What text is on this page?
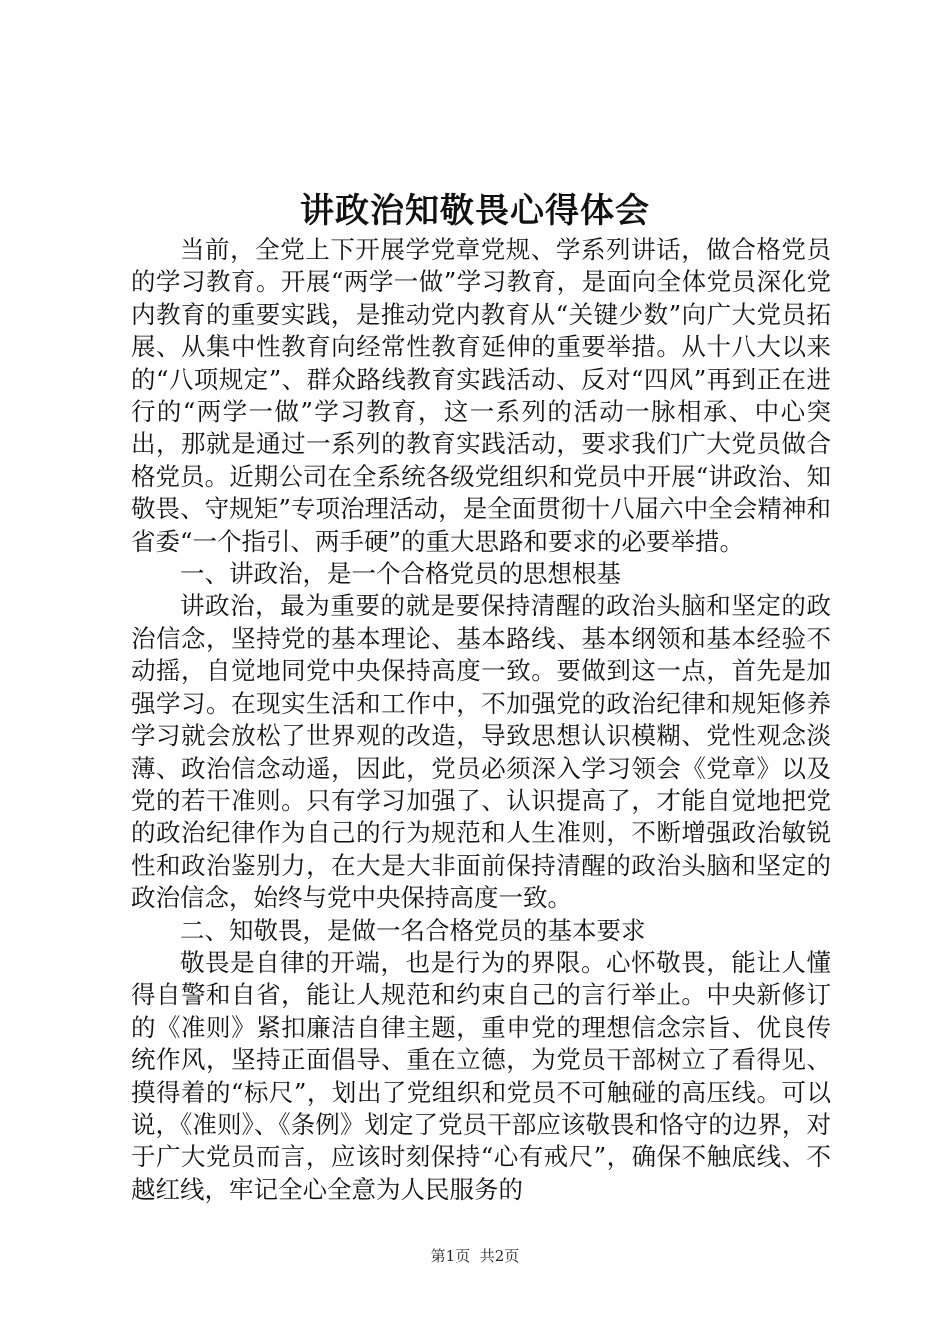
讲政治知敬畏心得体会

当前，全党上下开展学党章党规、学系列讲话，做合格党员的学习教育。开展“两学一做”学习教育，是面向全体党员深化党内教育的重要实践，是推动党内教育从“关键少数”向广大党员拓展、从集中性教育向经常性教育延伸的重要举措。从十八大以来的“八项规定”、群众路线教育实践活动、反对“四风”再到正在进行的“两学一做”学习教育，这一系列的活动一脉相承、中心突出，那就是通过一系列的教育实践活动，要求我们广大党员做合格党员。近期公司在全系统各级党组织和党员中开展“讲政治、知敬畏、守规矩”专项治理活动，是全面贯彻十八届六中全会精神和省委“一个指引、两手硬”的重大思路和要求的必要举措。

一、讲政治，是一个合格党员的思想根基

讲政治，最为重要的就是要保持清醒的政治头脑和坚定的政治信念，坚持党的基本理论、基本路线、基本纲领和基本经验不动摇，自觉地同党中央保持高度一致。要做到这一点，首先是加强学习。在现实生活和工作中，不加强党的政治纪律和规矩修养学习就会放松了世界观的改造，导致思想认识模糊、党性观念淡薄、政治信念动遥，因此，党员必须深入学习领会《党章》以及党的若干准则。只有学习加强了、认识提高了，才能自觉地把党的政治纪律作为自己的行为规范和人生准则，不断增强政治敏锐性和政治鉴别力，在大是大非面前保持清醒的政治头脑和坚定的政治信念，始终与党中央保持高度一致。

二、知敬畏，是做一名合格党员的基本要求

敬畏是自律的开端，也是行为的界限。心怀敬畏，能让人懂得自警和自省，能让人规范和约束自己的言行举止。中央新修订的《准则》紧扣廉洁自律主题，重申党的理想信念宗旨、优良传统作风，坚持正面倡导、重在立德，为党员干部树立了看得见、摸得着的“标尺”，划出了党组织和党员不可触碰的高压线。可以说，《准则》、《条例》划定了党员干部应该敬畏和恪守的边界，对于广大党员而言，应该时刻保持“心有戒尺”，确保不触底线、不越红线，牢记全心全意为人民服务的

第1页 共2页
